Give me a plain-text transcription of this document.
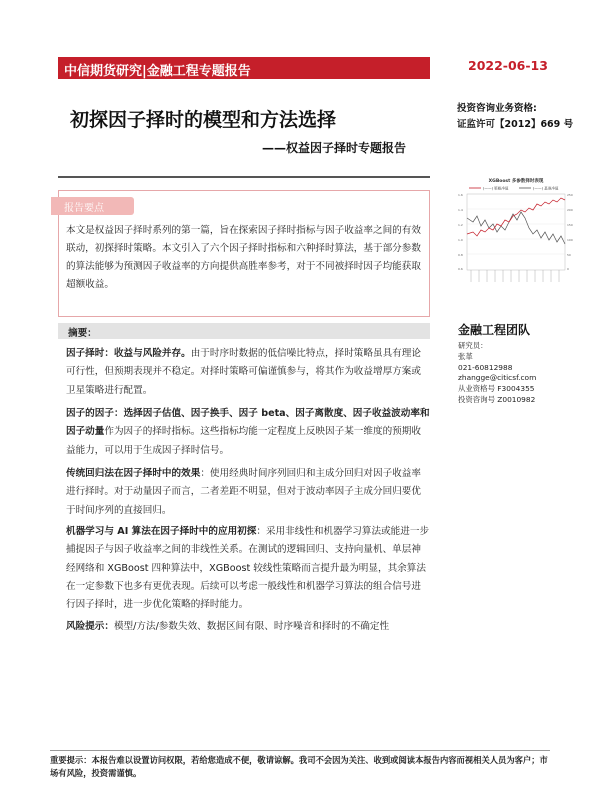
中信期货研究|金融工程专题报告	2022-06-13
初探因子择时的模型和方法选择
——权益因子择时专题报告
投资咨询业务资格:
证监许可【2012】669 号
报告要点

本文是权益因子择时系列的第一篇，旨在探索因子择时指标与因子收益率之间的有效联动，初探择时策略。本文引入了六个因子择时指标和六种择时算法，基于部分参数的算法能够为预测因子收益率的方向提供高胜率参考，对于不同被择时因子均能获取超额收益。

摘要：

因子择时：收益与风险并存。由于时序时数据的低信噪比特点，择时策略虽具有理论可行性，但预期表现并不稳定。对择时策略可偏谨慎参与，将其作为收益增厚方案或卫星策略进行配置。

因子的因子：选择因子估值、因子换手、因子 beta、因子离散度、因子收益波动率和因子动量作为因子的择时指标。这些指标均能一定程度上反映因子某一维度的预期收益能力，可以用于生成因子择时信号。

传统回归法在因子择时中的效果：使用经典时间序列回归和主成分回归对因子收益率进行择时。对于动量因子而言，二者差距不明显，但对于波动率因子主成分回归要优于时间序列的直接回归。

机器学习与 AI 算法在因子择时中的应用初探：采用非线性和机器学习算法或能进一步捕捉因子与因子收益率之间的非线性关系。在测试的逻辑回归、支持向量机、单层神经网络和 XGBoost 四种算法中，XGBoost 较线性策略而言提升最为明显，其余算法在一定参数下也多有更优表现。后续可以考虑一般线性和机器学习算法的组合信号进行因子择时，进一步优化策略的择时能力。

风险提示：模型/方法/参数失效、数据区间有限、时序噪音和择时的不确定性

XGBoost 多参数择时表现
(——) 策略净值	(——) 基准净值
1.6
1.4
1.2
1.0
0.8
0.6
250
200
150
100
50
0
金融工程团队
研究员：
张革
021-60812988
zhangge@citicsf.com
从业资格号 F3004355
投资咨询号 Z0010982

重要提示：本报告难以设置访问权限，若给您造成不便，敬请谅解。我司不会因为关注、收到或阅读本报告内容而视相关人员为客户；市场有风险，投资需谨慎。
